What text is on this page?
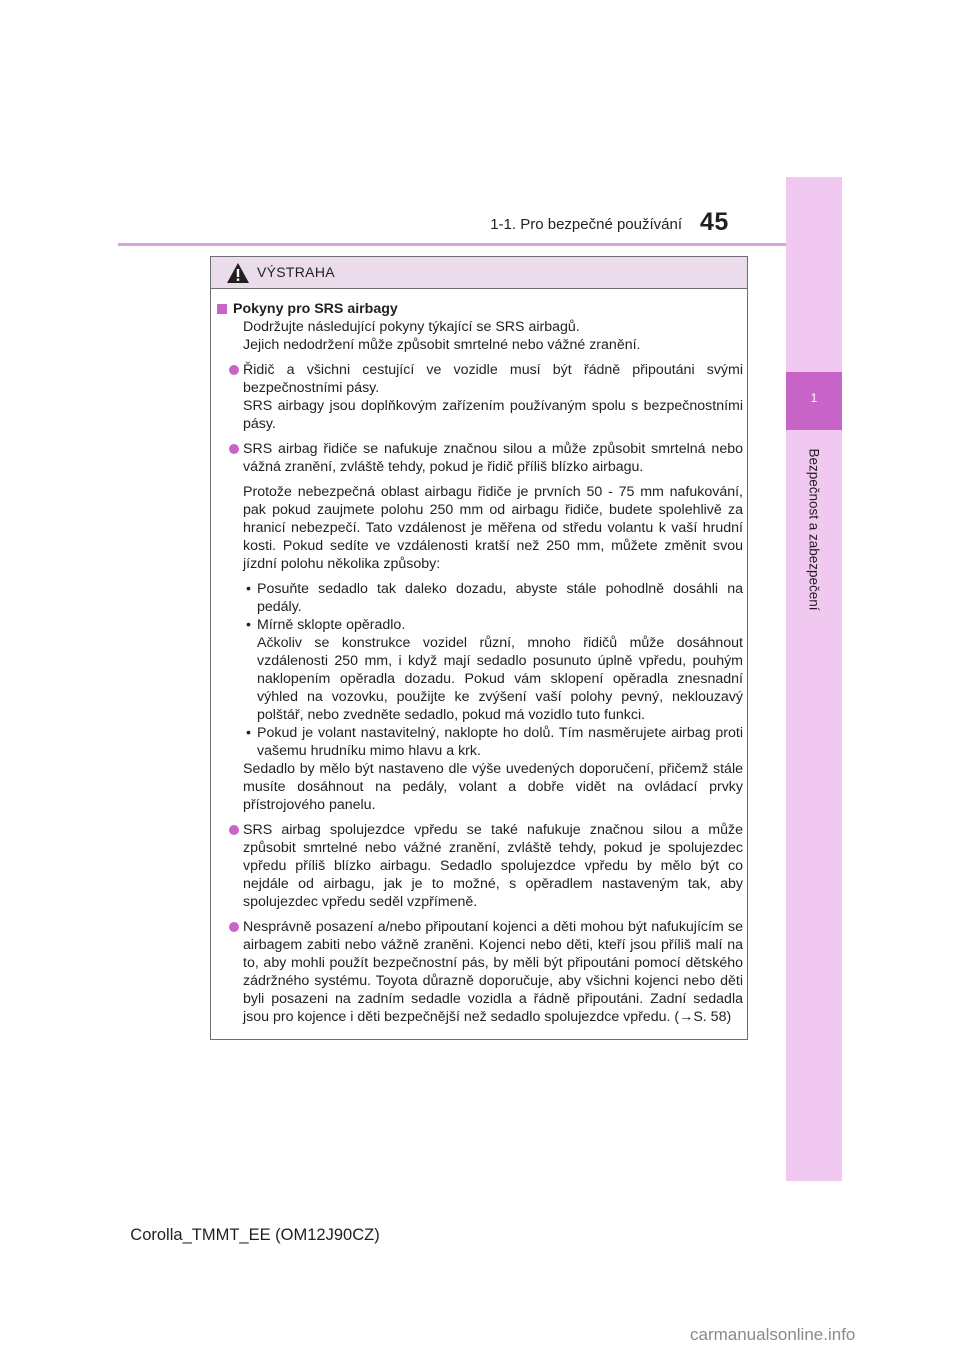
1-1. Pro bezpečné používání 45
1
Bezpečnost a zabezpečení
VÝSTRAHA
Pokyny pro SRS airbagy

Dodržujte následující pokyny týkající se SRS airbagů.

Jejich nedodržení může způsobit smrtelné nebo vážné zranění.

Řidič a všichni cestující ve vozidle musí být řádně připoutáni svými bezpečnostními pásy.

SRS airbagy jsou doplňkovým zařízením používaným spolu s bezpečnostními pásy.

SRS airbag řidiče se nafukuje značnou silou a může způsobit smrtelná nebo vážná zranění, zvláště tehdy, pokud je řidič příliš blízko airbagu.

Protože nebezpečná oblast airbagu řidiče je prvních 50 - 75 mm nafukování, pak pokud zaujmete polohu 250 mm od airbagu řidiče, budete spolehlivě za hranicí nebezpečí. Tato vzdálenost je měřena od středu volantu k vaší hrudní kosti. Pokud sedíte ve vzdálenosti kratší než 250 mm, můžete změnit svou jízdní polohu několika způsoby:

• Posuňte sedadlo tak daleko dozadu, abyste stále pohodlně dosáhli na pedály.

• Mírně sklopte opěradlo.

Ačkoliv se konstrukce vozidel různí, mnoho řidičů může dosáhnout vzdálenosti 250 mm, i když mají sedadlo posunuto úplně vpředu, pouhým naklopením opěradla dozadu. Pokud vám sklopení opěradla znesnadní výhled na vozovku, použijte ke zvýšení vaší polohy pevný, neklouzavý polštář, nebo zvedněte sedadlo, pokud má vozidlo tuto funkci.

• Pokud je volant nastavitelný, naklopte ho dolů. Tím nasměrujete airbag proti vašemu hrudníku mimo hlavu a krk.

Sedadlo by mělo být nastaveno dle výše uvedených doporučení, přičemž stále musíte dosáhnout na pedály, volant a dobře vidět na ovládací prvky přístrojového panelu.

SRS airbag spolujezdce vpředu se také nafukuje značnou silou a může způsobit smrtelné nebo vážné zranění, zvláště tehdy, pokud je spolujezdec vpředu příliš blízko airbagu. Sedadlo spolujezdce vpředu by mělo být co nejdále od airbagu, jak je to možné, s opěradlem nastaveným tak, aby spolujezdec vpředu seděl vzpřímeně.

Nesprávně posazení a/nebo připoutaní kojenci a děti mohou být nafukujícím se airbagem zabiti nebo vážně zraněni. Kojenci nebo děti, kteří jsou příliš malí na to, aby mohli použít bezpečnostní pás, by měli být připoutáni pomocí dětského zádržného systému. Toyota důrazně doporučuje, aby všichni kojenci nebo děti byli posazeni na zadním sedadle vozidla a řádně připoutáni. Zadní sedadla jsou pro kojence i děti bezpečnější než sedadlo spolujezdce vpředu. (→S. 58)

Corolla_TMMT_EE (OM12J90CZ)
carmanualsonline.info
